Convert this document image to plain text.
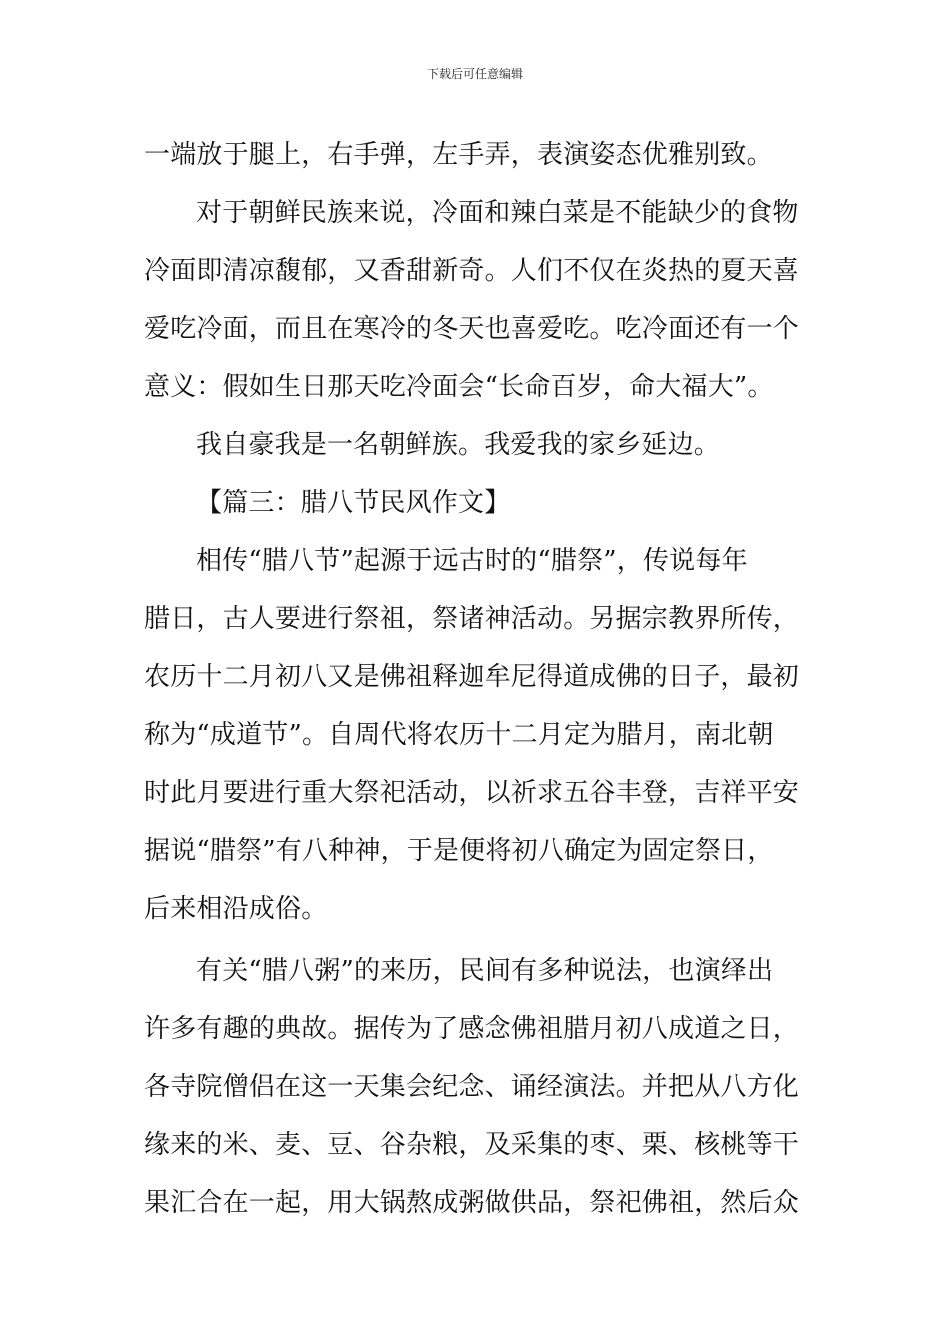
下载后可任意编辑
一端放于腿上，右手弹，左手弄，表演姿态优雅别致。
对于朝鲜民族来说，冷面和辣白菜是不能缺少的食物
冷面即清凉馥郁，又香甜新奇。人们不仅在炎热的夏天喜
爱吃冷面，而且在寒冷的冬天也喜爱吃。吃冷面还有一个
意义：假如生日那天吃冷面会“长命百岁，命大福大”。
我自豪我是一名朝鲜族。我爱我的家乡延边。
【篇三：腊八节民风作文】
相传“腊八节”起源于远古时的“腊祭”，传说每年
腊日，古人要进行祭祖，祭诸神活动。另据宗教界所传，
农历十二月初八又是佛祖释迦牟尼得道成佛的日子，最初
称为“成道节”。自周代将农历十二月定为腊月，南北朝
时此月要进行重大祭祀活动，以祈求五谷丰登，吉祥平安
据说“腊祭”有八种神，于是便将初八确定为固定祭日，
后来相沿成俗。
有关“腊八粥”的来历，民间有多种说法，也演绎出
许多有趣的典故。据传为了感念佛祖腊月初八成道之日，
各寺院僧侣在这一天集会纪念、诵经演法。并把从八方化
缘来的米、麦、豆、谷杂粮，及采集的枣、栗、核桃等干
果汇合在一起，用大锅熬成粥做供品，祭祀佛祖，然后众
